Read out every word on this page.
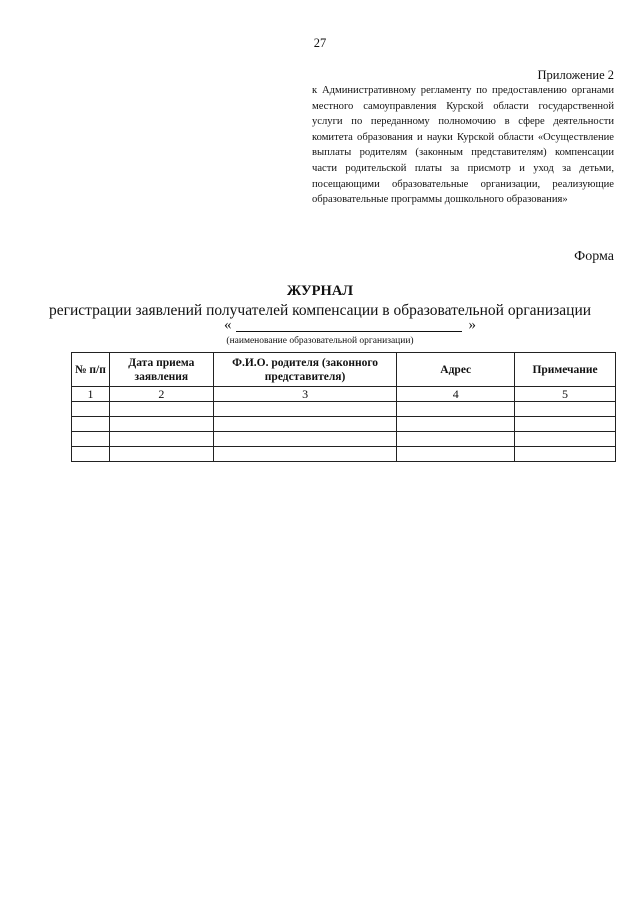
27
Приложение 2
к Административному регламенту по предоставлению органами местного самоуправления Курской области государственной услуги по переданному полномочию в сфере деятельности комитета образования и науки Курской области «Осуществление выплаты родителям (законным представителям) компенсации части родительской платы за присмотр и уход за детьми, посещающими образовательные организации, реализующие образовательные программы дошкольного образования»
Форма
ЖУРНАЛ
регистрации заявлений получателей компенсации в образовательной организации
«	»
(наименование образовательной организации)
№ п/п	Дата приема заявления	Ф.И.О. родителя (законного представителя)	Адрес	Примечание
1	2	3	4	5
